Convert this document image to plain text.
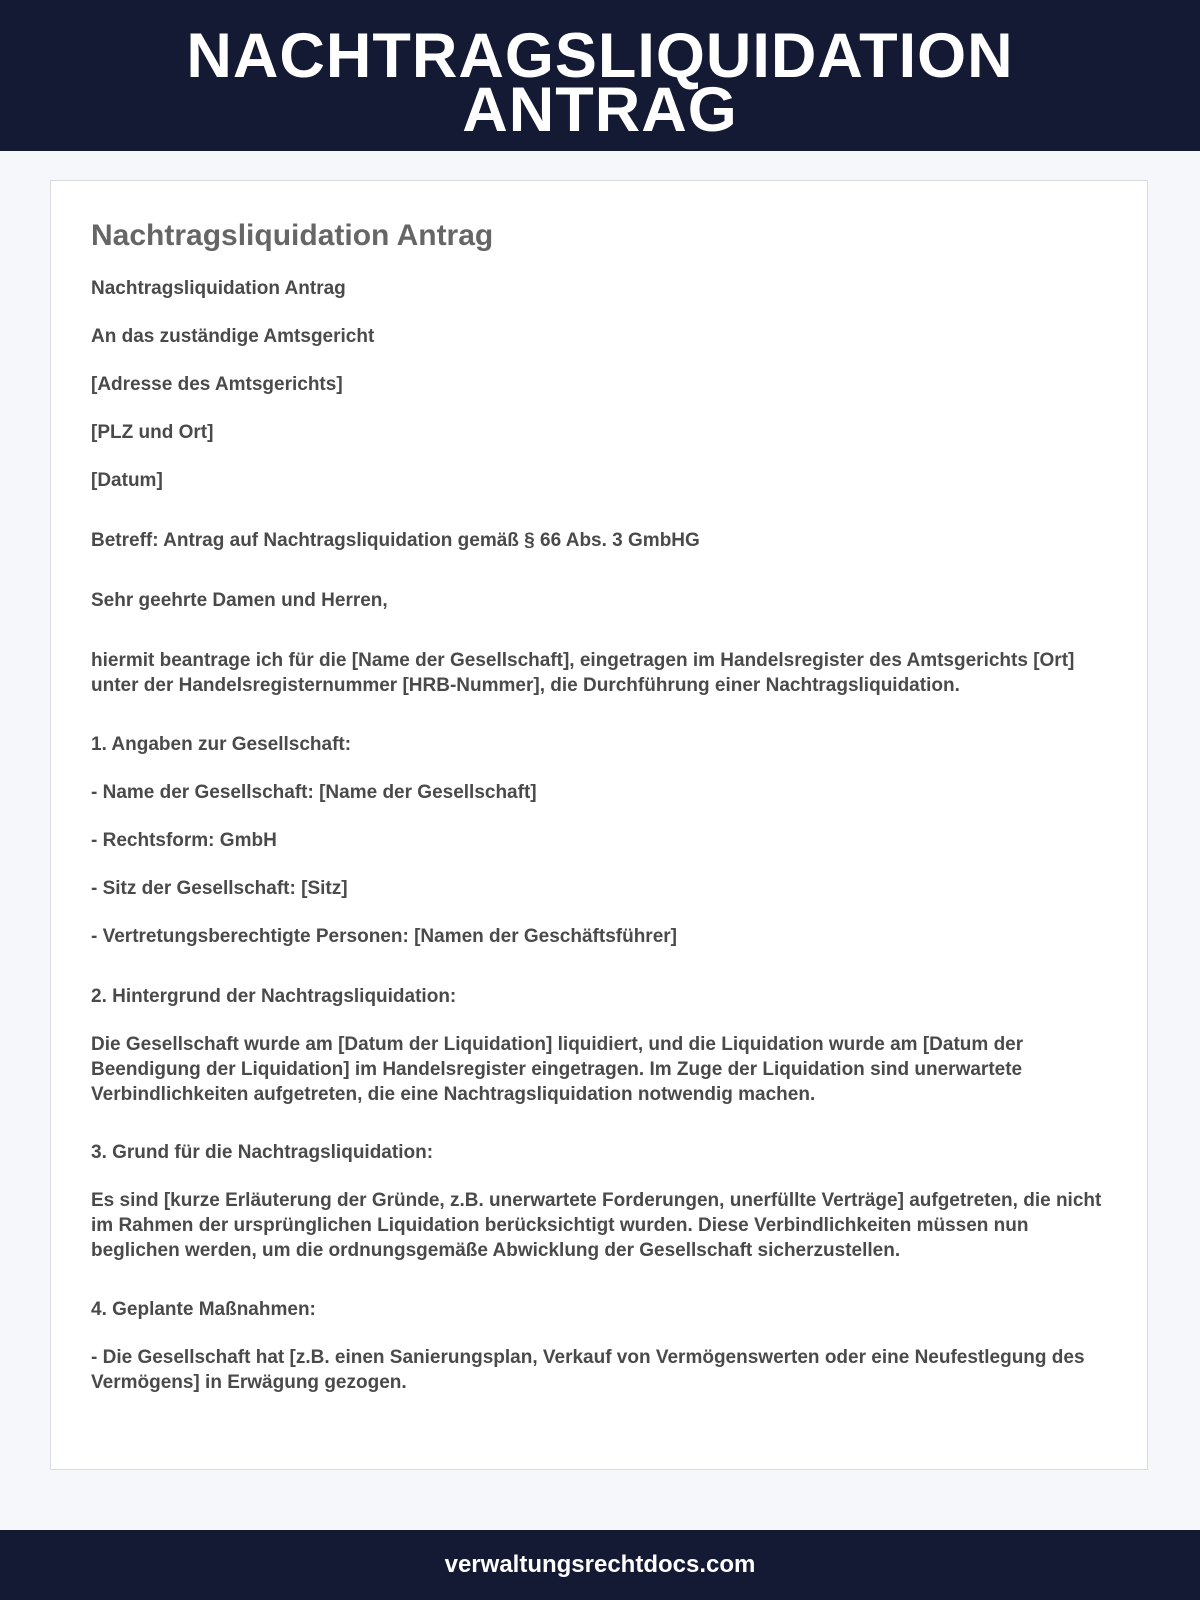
NACHTRAGSLIQUIDATION
ANTRAG
Nachtragsliquidation Antrag

Nachtragsliquidation Antrag

An das zuständige Amtsgericht

[Adresse des Amtsgerichts]

[PLZ und Ort]

[Datum]

Betreff: Antrag auf Nachtragsliquidation gemäß § 66 Abs. 3 GmbHG

Sehr geehrte Damen und Herren,

hiermit beantrage ich für die [Name der Gesellschaft], eingetragen im Handelsregister des Amtsgerichts [Ort] unter der Handelsregisternummer [HRB-Nummer], die Durchführung einer Nachtragsliquidation.

1. Angaben zur Gesellschaft:

- Name der Gesellschaft: [Name der Gesellschaft]

- Rechtsform: GmbH

- Sitz der Gesellschaft: [Sitz]

- Vertretungsberechtigte Personen: [Namen der Geschäftsführer]

2. Hintergrund der Nachtragsliquidation:

Die Gesellschaft wurde am [Datum der Liquidation] liquidiert, und die Liquidation wurde am [Datum der Beendigung der Liquidation] im Handelsregister eingetragen. Im Zuge der Liquidation sind unerwartete Verbindlichkeiten aufgetreten, die eine Nachtragsliquidation notwendig machen.

3. Grund für die Nachtragsliquidation:

Es sind [kurze Erläuterung der Gründe, z.B. unerwartete Forderungen, unerfüllte Verträge] aufgetreten, die nicht im Rahmen der ursprünglichen Liquidation berücksichtigt wurden. Diese Verbindlichkeiten müssen nun beglichen werden, um die ordnungsgemäße Abwicklung der Gesellschaft sicherzustellen.

4. Geplante Maßnahmen:

- Die Gesellschaft hat [z.B. einen Sanierungsplan, Verkauf von Vermögenswerten oder eine Neufestlegung des Vermögens] in Erwägung gezogen.

verwaltungsrechtdocs.com
